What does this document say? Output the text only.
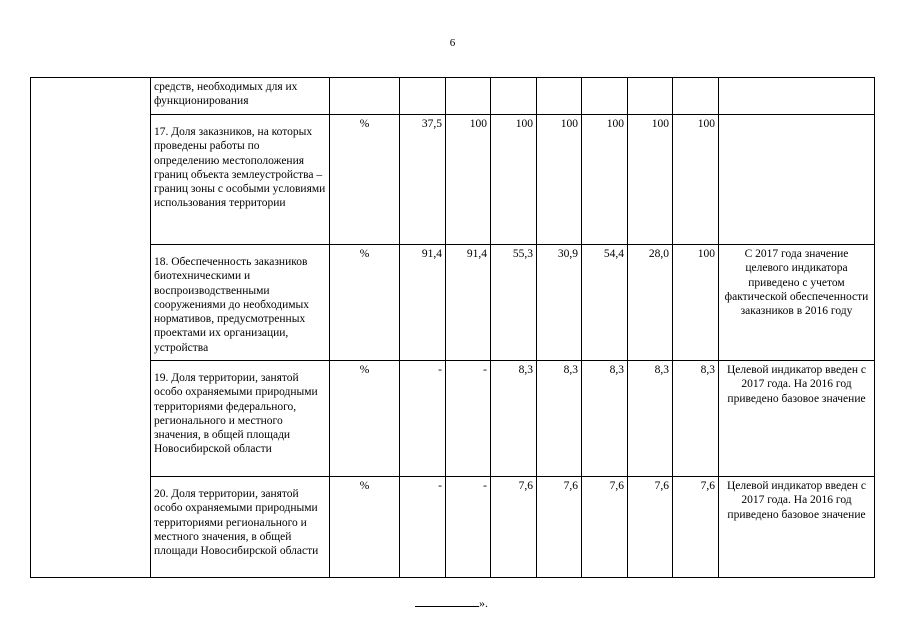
6
	средств, необходимых для их функционирования									
	17. Доля заказников, на которых проведены работы по определению местоположения границ объекта землеустройства – границ зоны с особыми условиями использования территории	%	37,5	100	100	100	100	100	100	
	18. Обеспеченность заказников биотехническими и воспроизводственными сооружениями до необходимых нормативов, предусмотренных проектами их организации, устройства	%	91,4	91,4	55,3	30,9	54,4	28,0	100	С 2017 года значение целевого индикатора приведено с учетом фактической обеспеченности заказников в 2016 году
	19. Доля территории, занятой особо охраняемыми природными территориями федерального, регионального и местного значения, в общей площади Новосибирской области	%	-	-	8,3	8,3	8,3	8,3	8,3	Целевой индикатор введен с 2017 года. На 2016 год приведено базовое значение
	20. Доля территории, занятой особо охраняемыми природными территориями регионального и местного значения, в общей площади Новосибирской области	%	-	-	7,6	7,6	7,6	7,6	7,6	Целевой индикатор введен с 2017 года. На 2016 год приведено базовое значение
».
